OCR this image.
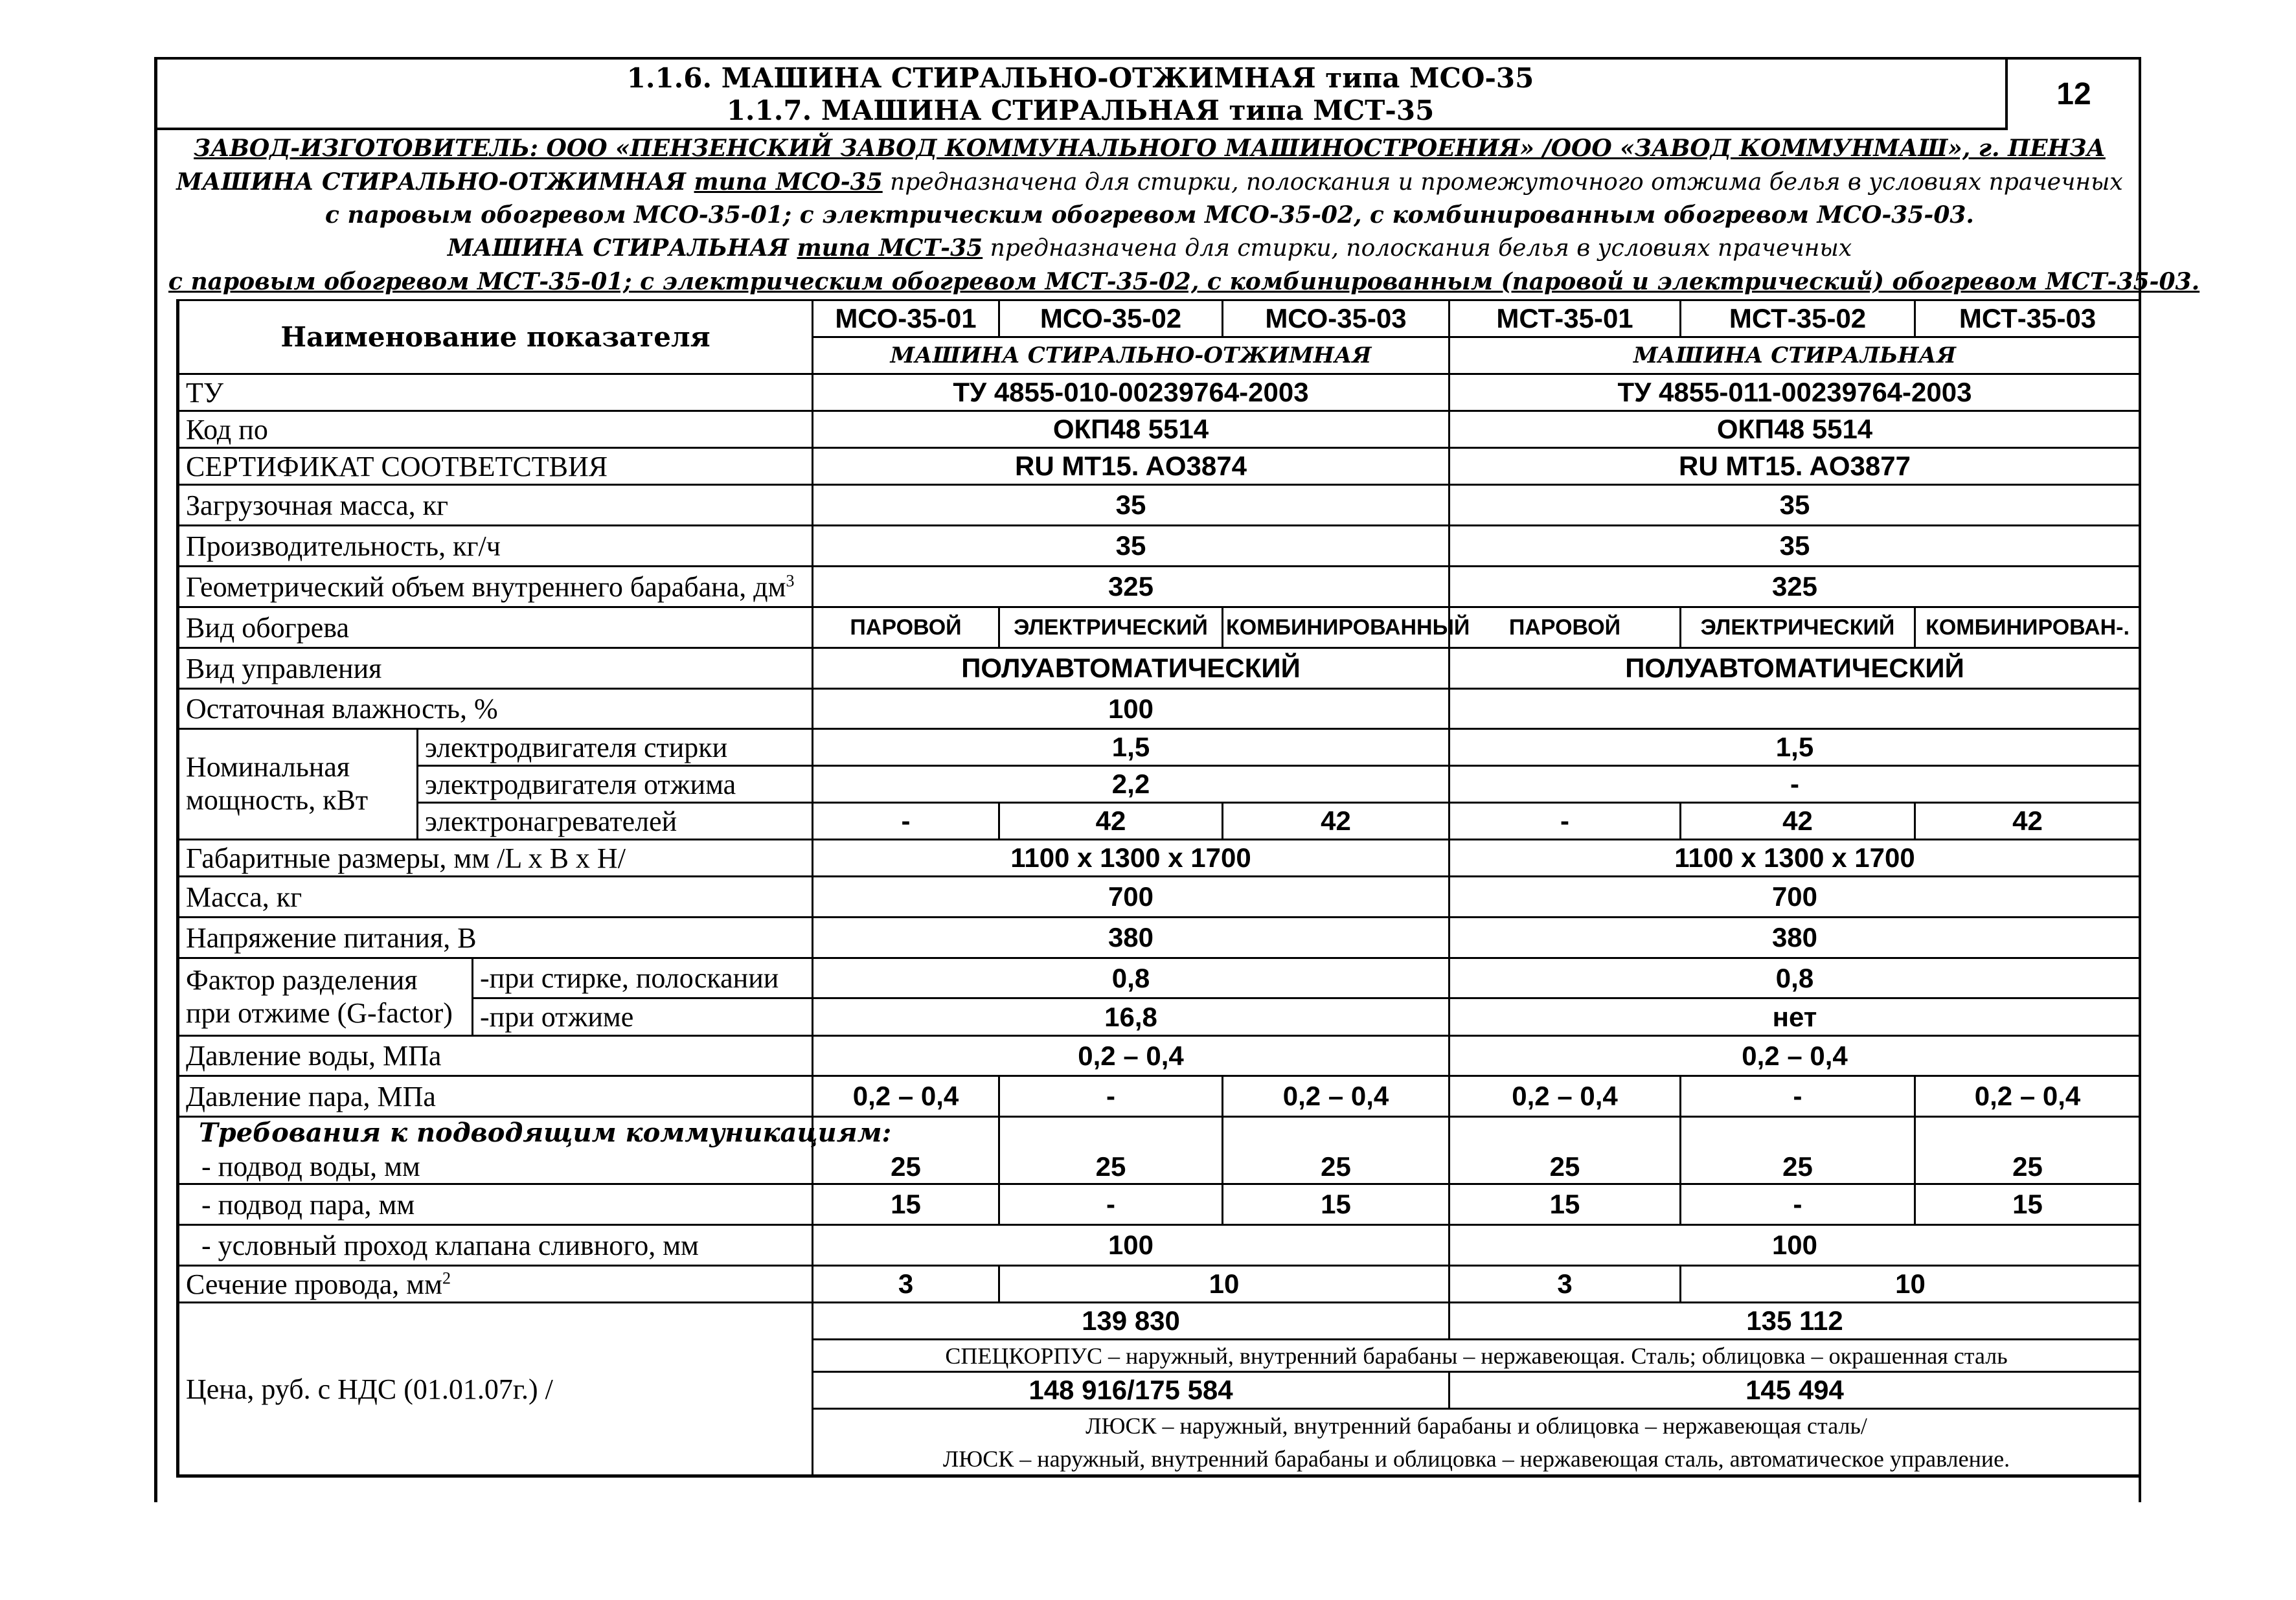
1.1.6. МАШИНА СТИРАЛЬНО-ОТЖИМНАЯ типа МСО-35
1.1.7. МАШИНА СТИРАЛЬНАЯ типа МСТ-35	12
ЗАВОД-ИЗГОТОВИТЕЛЬ: ООО «ПЕНЗЕНСКИЙ ЗАВОД КОММУНАЛЬНОГО МАШИНОСТРОЕНИЯ» /ООО «ЗАВОД КОММУНМАШ», г. ПЕНЗА
МАШИНА СТИРАЛЬНО-ОТЖИМНАЯ типа МСО-35 предназначена для стирки, полоскания и промежуточного отжима белья в условиях прачечных
с паровым обогревом МСО-35-01; с электрическим обогревом МСО-35-02, с комбинированным обогревом МСО-35-03.
МАШИНА СТИРАЛЬНАЯ типа МСТ-35 предназначена для стирки, полоскания белья в условиях прачечных
с паровым обогревом МСТ-35-01; с электрическим обогревом МСТ-35-02, с комбинированным (паровой и электрический) обогревом МСТ-35-03.
Наименование показателя			МСО-35-01	МСО-35-02	МСО-35-03	МСТ-35-01	МСТ-35-02	МСТ-35-03
			МАШИНА СТИРАЛЬНО-ОТЖИМНАЯ			МАШИНА СТИРАЛЬНАЯ		
ТУ			ТУ 4855-010-00239764-2003			ТУ 4855-011-00239764-2003		
Код по			ОКП48 5514			ОКП48 5514		
СЕРТИФИКАТ СООТВЕТСТВИЯ			RU MT15. AO3874			RU MT15. AO3877		
Загрузочная масса, кг			35			35		
Производительность, кг/ч			35			35		
Геометрический объем внутреннего барабана, $дм^3$			325			325		
Вид обогрева			ПАРОВОЙ	ЭЛЕКТРИЧЕСКИЙ	КОМБИНИРОВАННЫЙ	ПАРОВОЙ	ЭЛЕКТРИЧЕСКИЙ	КОМБИНИРОВАН-.
Вид управления			ПОЛУАВТОМАТИЧЕСКИЙ			ПОЛУАВТОМАТИЧЕСКИЙ		
Остаточная влажность, %			100					
Номинальная мощность, кВт	электродвигателя стирки		1,5			1,5		
	электродвигателя отжима		2,2			-		
	электронагревателей		-	42	42	-	42	42
Габаритные размеры, мм /L x B x H/			1100 x 1300 x 1700			1100 x 1300 x 1700		
Масса, кг			700			700		
Напряжение питания, В			380			380		
Фактор разделения при отжиме (G-factor)		-при стирке, полоскании	0,8			0,8		
		-при отжиме	16,8			нет		
Давление воды, МПа			0,2 – 0,4			0,2 – 0,4		
Давление пара, МПа			0,2 – 0,4	-	0,2 – 0,4	0,2 – 0,4	-	0,2 – 0,4
Требования к подводящим коммуникациям:								
- подвод воды, мм			25	25	25	25	25	25
- подвод пара, мм			15	-	15	15	-	15
- условный проход клапана сливного, мм			100			100		
Сечение провода, $мм^2$			3	10		3	10	
Цена, руб. с НДС (01.01.07г.) /			139 830			135 112		
			СПЕЦКОРПУС – наружный, внутренний барабаны – нержавеющая. Сталь; облицовка – окрашенная сталь					
			148 916/175 584			145 494		
			ЛЮСК – наружный, внутренний барабаны и облицовка – нержавеющая сталь/					
			ЛЮСК – наружный, внутренний барабаны и облицовка – нержавеющая сталь, автоматическое управление.					
